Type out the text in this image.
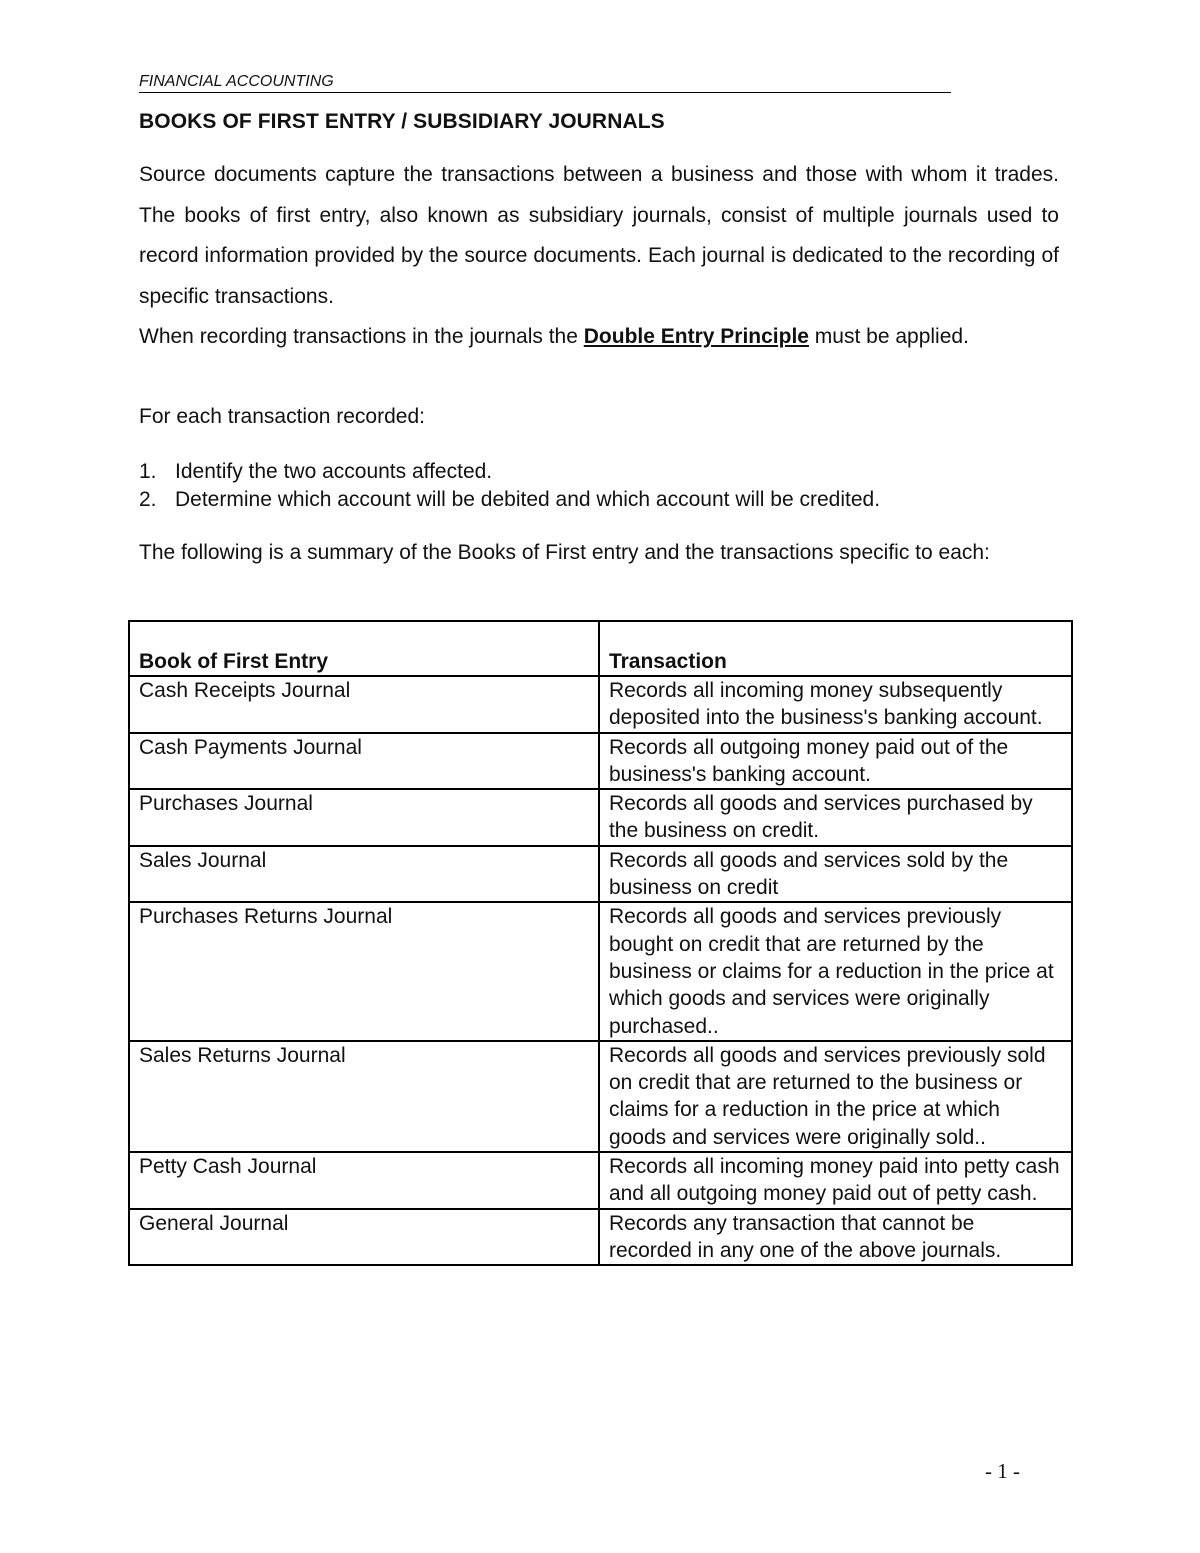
FINANCIAL ACCOUNTING
BOOKS OF FIRST ENTRY / SUBSIDIARY JOURNALS

Source documents capture the transactions between a business and those with whom it trades. The books of first entry, also known as subsidiary journals, consist of multiple journals used to record information provided by the source documents. Each journal is dedicated to the recording of specific transactions.

When recording transactions in the journals the Double Entry Principle must be applied.

For each transaction recorded:

1. Identify the two accounts affected.
2. Determine which account will be debited and which account will be credited.

The following is a summary of the Books of First entry and the transactions specific to each:

Book of First Entry	Transaction
Cash Receipts Journal	Records all incoming money subsequently deposited into the business's banking account.
Cash Payments Journal	Records all outgoing money paid out of the business's banking account.
Purchases Journal	Records all goods and services purchased by the business on credit.
Sales Journal	Records all goods and services sold by the business on credit
Purchases Returns Journal	Records all goods and services previously bought on credit that are returned by the business or claims for a reduction in the price at which goods and services were originally purchased..
Sales Returns Journal	Records all goods and services previously sold on credit that are returned to the business or claims for a reduction in the price at which goods and services were originally sold..
Petty Cash Journal	Records all incoming money paid into petty cash and all outgoing money paid out of petty cash.
General Journal	Records any transaction that cannot be recorded in any one of the above journals.
- 1 -
